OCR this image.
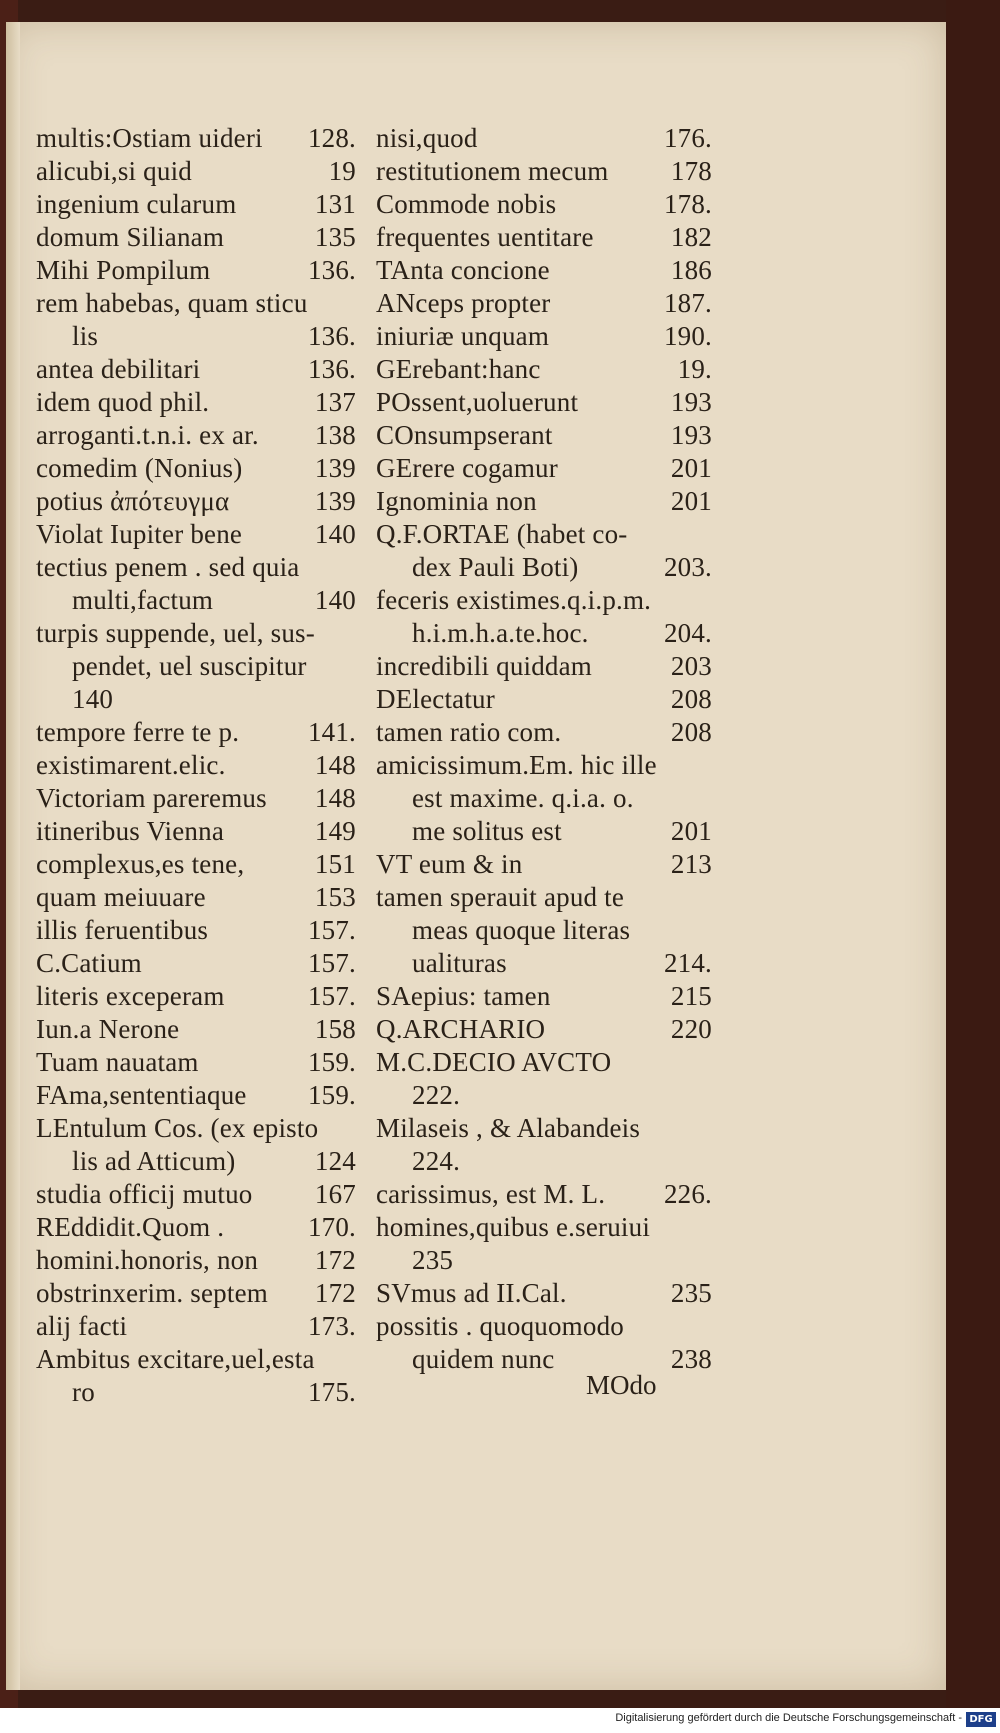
multis:Ostiam uideri 128.
alicubi,si quid	19
ingenium cularum	131
domum Silianam	135
Mihi Pompilum	136.
rem habebas, quam sticu
lis	136.
antea debilitari	136.
idem quod phil.	137
arroganti.t.n.i. ex ar. 138
comedim (Nonius)	139
potius ἀπότευγμα	139
Violat Iupiter bene	140
tectius penem . sed quia
multi,factum	140
turpis suppende, uel, sus-
pendet, uel suscipitur
140
tempore ferre te p.	141.
existimarent.elic.	148
Victoriam pareremus 148
itineribus Vienna	149
complexus,es tene,	151
quam meiuuare	153
illis feruentibus	157.
C.Catium	157.
literis exceperam	157.
Iun.a Nerone	158
Tuam nauatam	159.
FAma,sententiaque 159.
LEntulum Cos. (ex episto
lis ad Atticum)	124
studia officij mutuo 167
REddidit.Quom .	170.
homini.honoris, non 172
obstrinxerim. septem 172
alij facti	173.
Ambitus excitare,uel,esta
ro	175.
nisi,quod	176.
restitutionem mecum 178
Commode nobis	178.
frequentes uentitare	182
TAnta concione	186
ANceps propter	187.
iniuriæ unquam	190.
GErebant:hanc	19.
POssent,uoluerunt	193
COnsumpserant	193
GErere cogamur	201
Ignominia non	201
Q.F.ORTAE (habet co-
dex Pauli Boti)	203.
feceris existimes.q.i.p.m.
h.i.m.h.a.te.hoc.	204.
incredibili quiddam	203
DElectatur	208
tamen ratio com.	208
amicissimum.Em. hic ille
est maxime. q.i.a. o.
me solitus est	201
VT eum & in	213
tamen sperauit apud te
meas quoque literas
ualituras	214.
SAepius: tamen	215
Q.ARCHARIO	220
M.C.DECIO AVCTO
222.
Milaseis , & Alabandeis
224.
carissimus, est M. L. 226.
homines,quibus e.seruiui
235
SVmus ad II.Cal.	235
possitis . quoquomodo
quidem nunc	238
MOdo
Digitalisierung gefördert durch die Deutsche Forschungsgemeinschaft - DFG
